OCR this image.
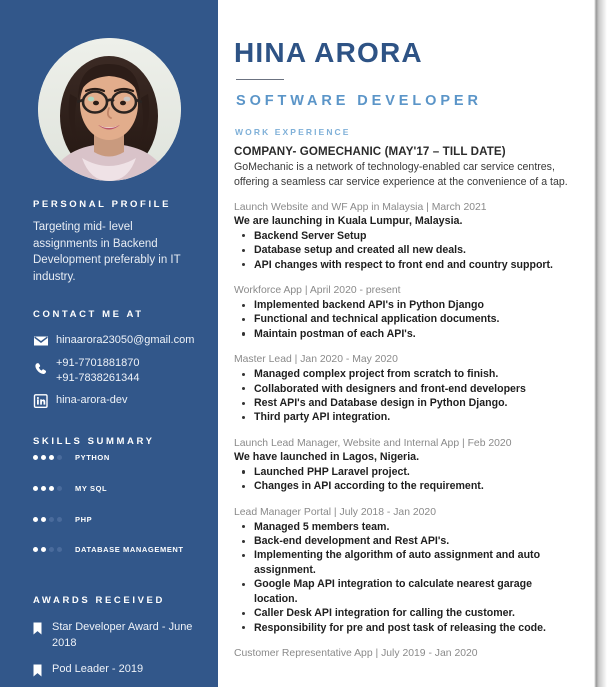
PERSONAL PROFILE
Targeting mid- level assignments in Backend Development preferably in IT industry.
CONTACT ME AT
hinaarora23050@gmail.com
+91-7701881870
+91-7838261344
hina-arora-dev
SKILLS SUMMARY
PYTHON
MY SQL
PHP
DATABASE MANAGEMENT
AWARDS RECEIVED
Star Developer Award - June 2018
Pod Leader - 2019
HINA ARORA
SOFTWARE DEVELOPER
WORK EXPERIENCE
COMPANY- GOMECHANIC (MAY'17 – TILL DATE)
GoMechanic is a network of technology-enabled car service centres, offering a seamless car service experience at the convenience of a tap.
Launch Website and WF App in Malaysia | March 2021
We are launching in Kuala Lumpur, Malaysia.
Backend Server Setup
Database setup and created all new deals.
API changes with respect to front end and country support.
Workforce App | April 2020 - present
Implemented backend API's in Python Django
Functional and technical application documents.
Maintain postman of each API's.
Master Lead | Jan 2020 - May 2020
Managed complex project from scratch to finish.
Collaborated with designers and front-end developers
Rest API's and Database design in Python Django.
Third party API integration.
Launch Lead Manager, Website and Internal App | Feb 2020
We have launched in Lagos, Nigeria.
Launched PHP Laravel project.
Changes in API according to the requirement.
Lead Manager Portal | July 2018 - Jan 2020
Managed 5 members team.
Back-end development and Rest API's.
Implementing the algorithm of auto assignment and auto assignment.
Google Map API integration to calculate nearest garage location.
Caller Desk API integration for calling the customer.
Responsibility for pre and post task of releasing the code.
Customer Representative App | July 2019 - Jan 2020
